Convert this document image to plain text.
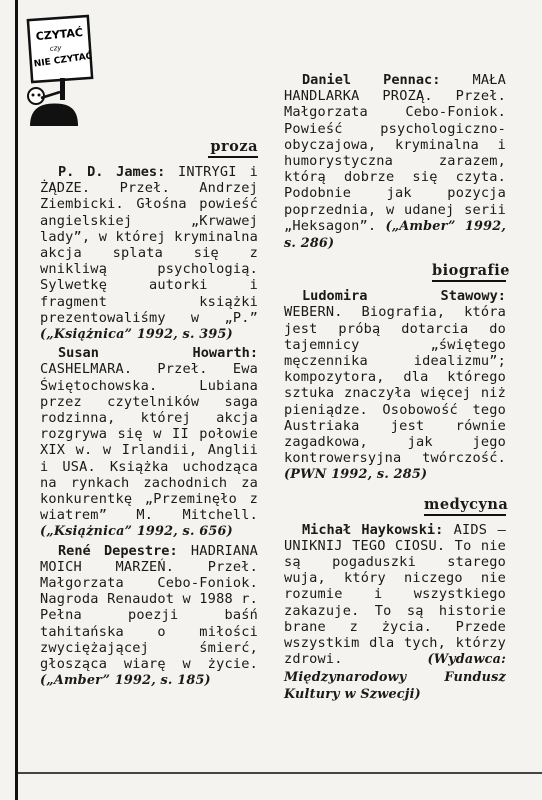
CZYTAĆ
czy
NIE CZYTAĆ
proza

P. D. James: INTRYGI i ŻĄDZE. Przeł. Andrzej Ziembicki. Głośna powieść angielskiej „Krwawej lady”, w której kryminalna akcja splata się z wnikliwą psychologią. Sylwetkę autorki i fragment książki prezentowaliśmy w „P.” („Książnica” 1992, s. 395)

Susan Howarth: CASHELMARA. Przeł. Ewa Świętochowska. Lubiana przez czytelników saga rodzinna, której akcja rozgrywa się w II połowie XIX w. w Irlandii, Anglii i USA. Książka uchodząca na rynkach zachodnich za konkurentkę „Przeminęło z wiatrem” M. Mitchell. („Książnica” 1992, s. 656)

René Depestre: HADRIANA MOICH MARZEŃ. Przeł. Małgorzata Cebo-Foniok. Nagroda Renaudot w 1988 r. Pełna poezji baśń tahitańska o miłości zwyciężającej śmierć, głosząca wiarę w życie. („Amber” 1992, s. 185)

Daniel Pennac: MAŁA HANDLARKA PROZĄ. Przeł. Małgorzata Cebo-Foniok. Powieść psychologiczno-obyczajowa, kryminalna i humorystyczna zarazem, którą dobrze się czyta. Podobnie jak pozycja poprzednia, w udanej serii „Heksagon”. („Amber” 1992, s. 286)

biografie

Ludomira Stawowy: WEBERN. Biografia, która jest próbą dotarcia do tajemnicy „świętego męczennika idealizmu”; kompozytora, dla którego sztuka znaczyła więcej niż pieniądze. Osobowość tego Austriaka jest równie zagadkowa, jak jego kontrowersyjna twórczość. (PWN 1992, s. 285)

medycyna

Michał Haykowski: AIDS — UNIKNIJ TEGO CIOSU. To nie są pogaduszki starego wuja, który niczego nie rozumie i wszystkiego zakazuje. To są historie brane z życia. Przede wszystkim dla tych, którzy zdrowi.	(Wydawca: Międzynarodowy Fundusz Kultury w Szwecji)
